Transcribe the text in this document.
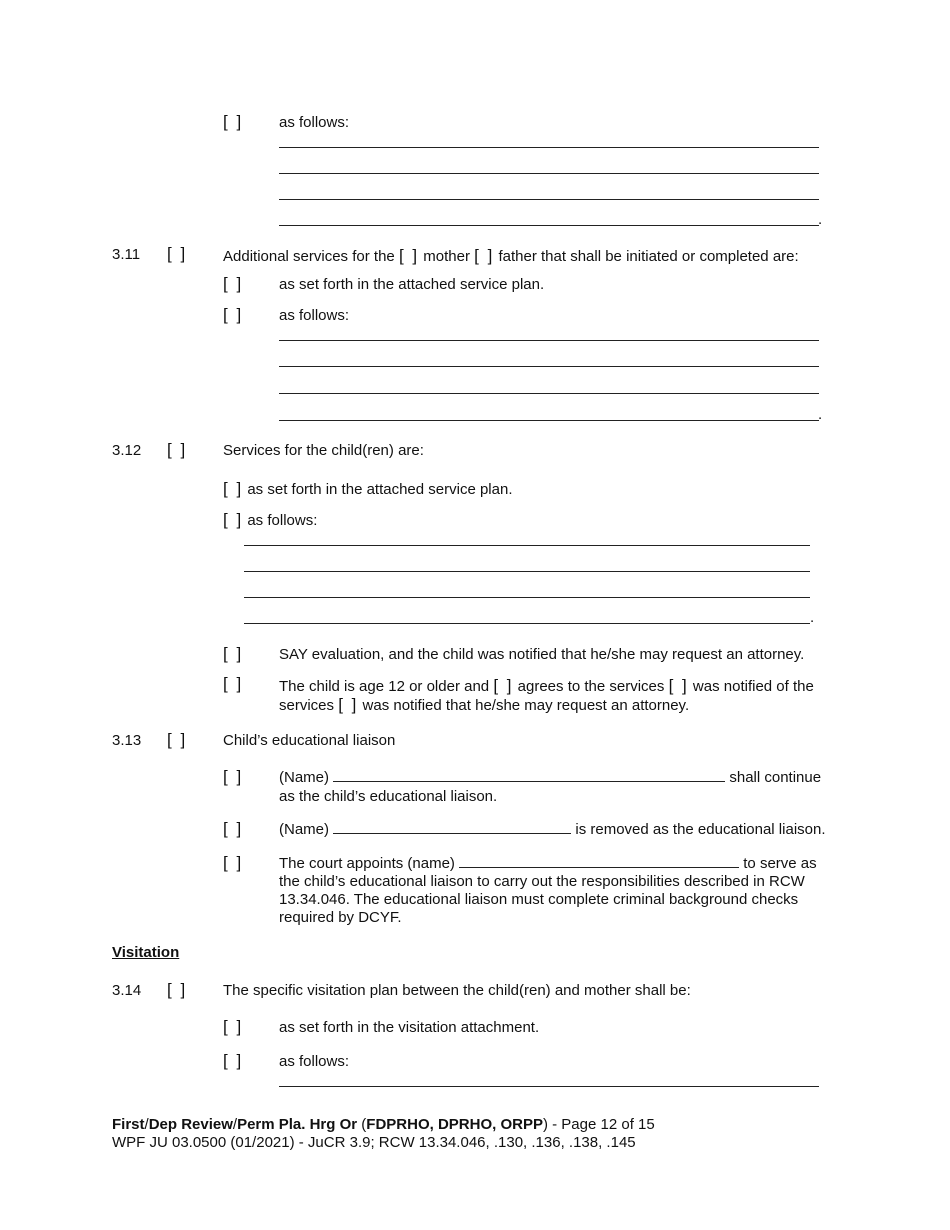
[ ] as follows:
.
3.11 [ ] Additional services for the [ ] mother [ ] father that shall be initiated or completed are:
[ ] as set forth in the attached service plan.
[ ] as follows:
.
3.12 [ ] Services for the child(ren) are:
[ ] as set forth in the attached service plan.
[ ] as follows:
.
[ ] SAY evaluation, and the child was notified that he/she may request an attorney.
[ ] The child is age 12 or older and [ ] agrees to the services [ ] was notified of the
services [ ] was notified that he/she may request an attorney.
3.13 [ ] Child’s educational liaison
[ ] (Name)	shall continue
as the child’s educational liaison.
[ ] (Name)	is removed as the educational liaison.
[ ] The court appoints (name)	to serve as
the child’s educational liaison to carry out the responsibilities described in RCW 13.34.046. The educational liaison must complete criminal background checks required by DCYF.
Visitation
3.14 [ ] The specific visitation plan between the child(ren) and mother shall be:
[ ] as set forth in the visitation attachment.
[ ] as follows:
First/Dep Review/Perm Pla. Hrg Or (FDPRHO, DPRHO, ORPP) - Page 12 of 15
WPF JU 03.0500 (01/2021) - JuCR 3.9; RCW 13.34.046, .130, .136, .138, .145
